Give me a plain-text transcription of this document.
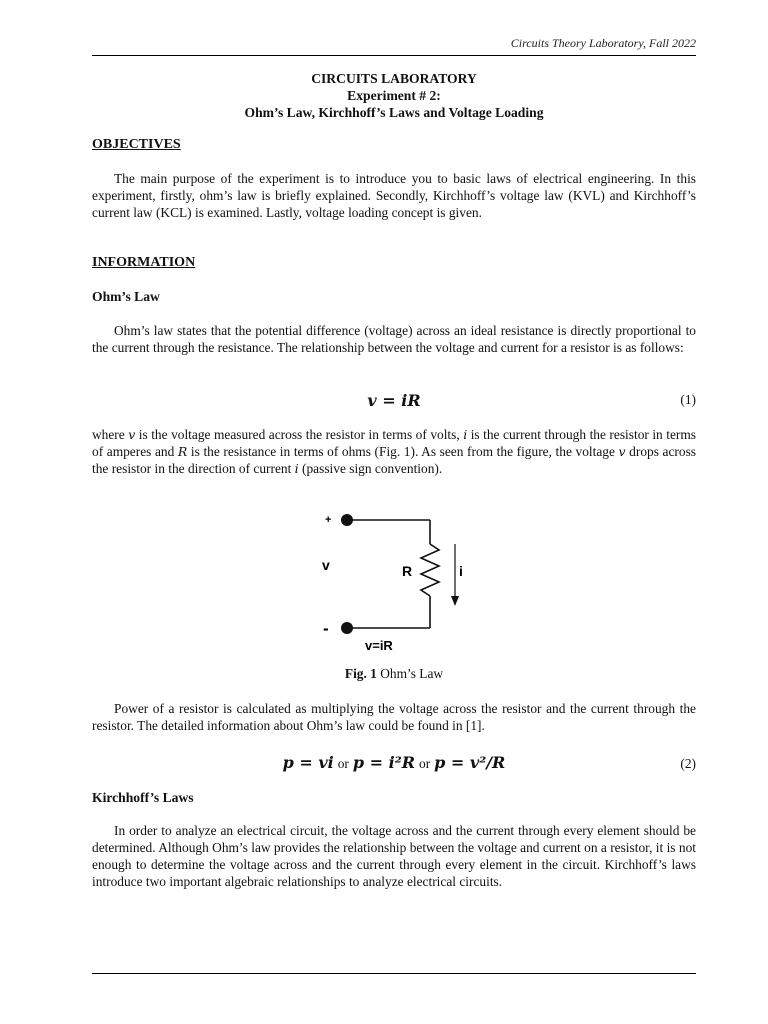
Circuits Theory Laboratory, Fall 2022
CIRCUITS LABORATORY
Experiment # 2:
Ohm’s Law, Kirchhoff’s Laws and Voltage Loading
OBJECTIVES
The main purpose of the experiment is to introduce you to basic laws of electrical engineering. In this experiment, firstly, ohm’s law is briefly explained. Secondly, Kirchhoff’s voltage law (KVL) and Kirchhoff’s current law (KCL) is examined. Lastly, voltage loading concept is given.
INFORMATION
Ohm’s Law
Ohm’s law states that the potential difference (voltage) across an ideal resistance is directly proportional to the current through the resistance. The relationship between the voltage and current for a resistor is as follows:
v = iR	(1)
where v is the voltage measured across the resistor in terms of volts, i is the current through the resistor in terms of amperes and R is the resistance in terms of ohms (Fig. 1). As seen from the figure, the voltage v drops across the resistor in the direction of current i (passive sign convention).
+
-
v	R	i
v=iR
Fig. 1 Ohm’s Law
Power of a resistor is calculated as multiplying the voltage across the resistor and the current through the resistor. The detailed information about Ohm’s law could be found in [1].
p = vi or p = i²R or p = v²/R	(2)
Kirchhoff’s Laws
In order to analyze an electrical circuit, the voltage across and the current through every element should be determined. Although Ohm’s law provides the relationship between the voltage and current on a resistor, it is not enough to determine the voltage across and the current through every element in the circuit. Kirchhoff’s laws introduce two important algebraic relationships to analyze electrical circuits.
